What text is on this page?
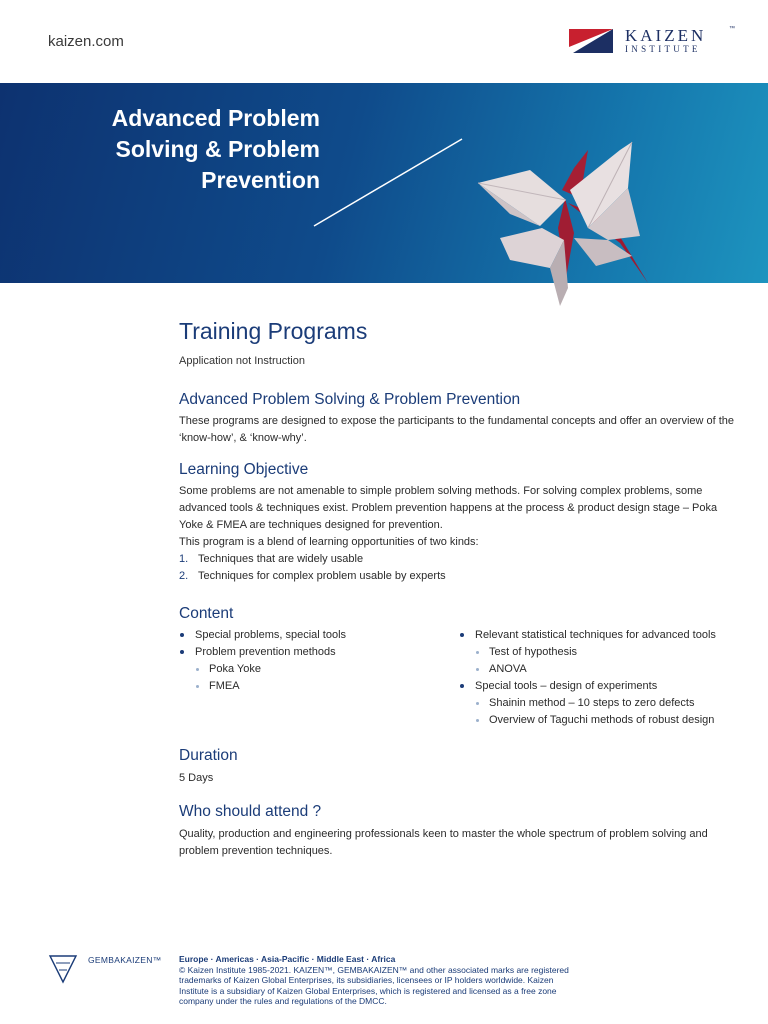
kaizen.com	KAIZEN	™
INSTITUTE
Advanced Problem
Solving & Problem
Prevention
Training Programs
Application not Instruction
Advanced Problem Solving & Problem Prevention

These programs are designed to expose the participants to the fundamental concepts and offer an overview of the ‘know-how’, & ‘know-why’.

Learning Objective

Some problems are not amenable to simple problem solving methods. For solving complex problems, some advanced tools & techniques exist. Problem prevention happens at the process & product design stage – Poka Yoke & FMEA are techniques designed for prevention.

This program is a blend of learning opportunities of two kinds:

1. Techniques that are widely usable
2. Techniques for complex problem usable by experts
Content
Special problems, special tools
Problem prevention methods
Poka Yoke
FMEA
Relevant statistical techniques for advanced tools
Test of hypothesis
ANOVA
Special tools – design of experiments
Shainin method – 10 steps to zero defects
Overview of Taguchi methods of robust design
Duration

5 Days

Who should attend ?

Quality, production and engineering professionals keen to master the whole spectrum of problem solving and problem prevention techniques.

GEMBAKAIZEN™ Europe · Americas · Asia-Pacific · Middle East · Africa
© Kaizen Institute 1985-2021. KAIZEN™, GEMBAKAIZEN™ and other associated marks are registered trademarks of Kaizen Global Enterprises, its subsidiaries, licensees or IP holders worldwide. Kaizen Institute is a subsidiary of Kaizen Global Enterprises, which is registered and licensed as a free zone company under the rules and regulations of the DMCC.
